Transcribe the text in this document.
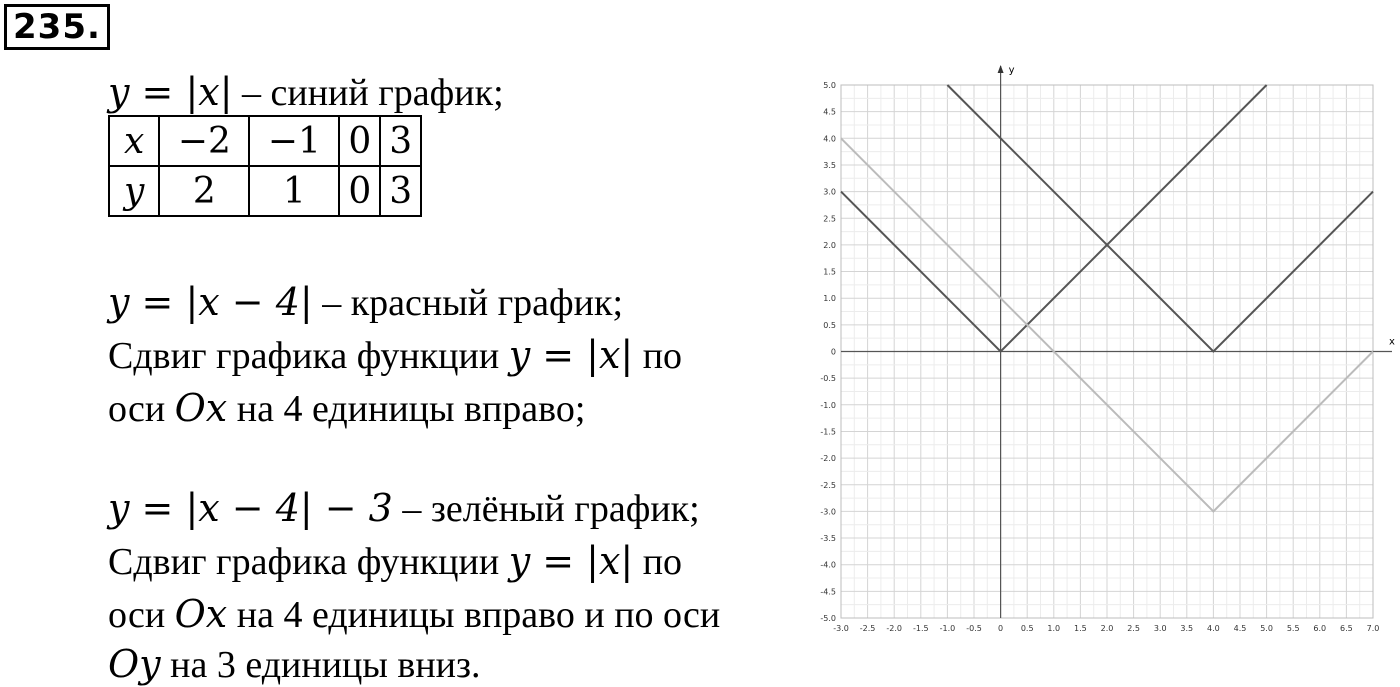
235.
y = |x| – синий график;
x	−2	−1	0	3
y	2	1	0	3
y = |x − 4| – красный график;
Сдвиг графика функции y = |x| по
оси Ox на 4 единицы вправо;
y = |x − 4| − 3 – зелёный график;
Сдвиг графика функции y = |x| по
оси Ox на 4 единицы вправо и по оси
Oy на 3 единицы вниз.
x
y
-3.0 -2.5 -2.0 -1.5 -1.0 -0.5 0 0.5 1.0 1.5 2.0 2.5 3.0 3.5 4.0 4.5 5.0 5.5 6.0 6.5 7.0
5.0
4.5
4.0
3.5
3.0
2.5
2.0
1.5
1.0
0.5
0
-0.5
-1.0
-1.5
-2.0
-2.5
-3.0
-3.5
-4.0
-4.5
-5.0
